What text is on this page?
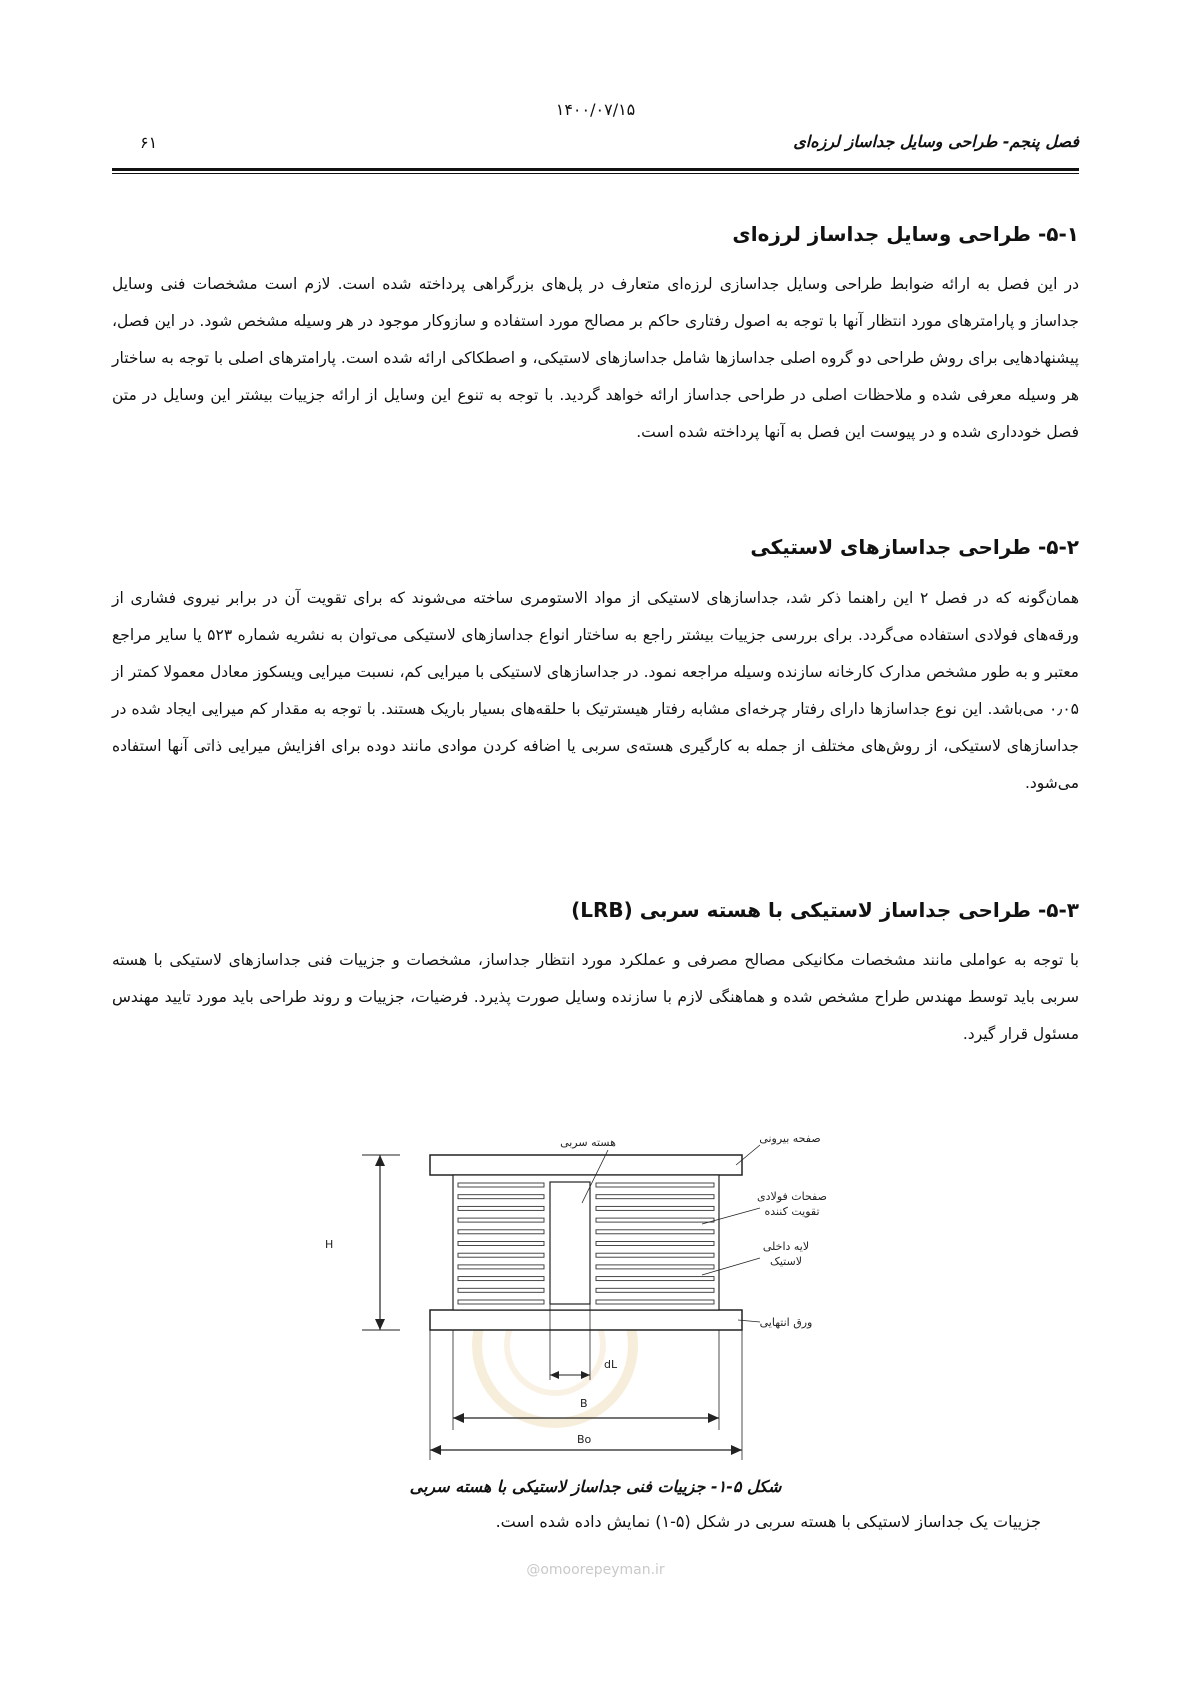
۱۴۰۰/۰۷/۱۵
فصل پنجم- طراحی وسایل جداساز لرزه‌ای
۶۱
۵-۱- طراحی وسایل جداساز لرزه‌ای
در این فصل به ارائه ضوابط طراحی وسایل جداسازی لرزه‌ای متعارف در پل‌های بزرگراهی پرداخته شده است. لازم است مشخصات فنی وسایل جداساز و پارامترهای مورد انتظار آنها با توجه به اصول رفتاری حاکم بر مصالح مورد استفاده و سازوکار موجود در هر وسیله مشخص شود. در این فصل، پیشنهادهایی برای روش طراحی دو گروه اصلی جداسازها شامل جداسازهای لاستیکی، و اصطکاکی ارائه شده است. پارامترهای اصلی با توجه به ساختار هر وسیله معرفی شده و ملاحظات اصلی در طراحی جداساز ارائه خواهد گردید. با توجه به تنوع این وسایل از ارائه جزییات بیشتر این وسایل در متن فصل خودداری شده و در پیوست این فصل به آنها پرداخته شده است.
۵-۲- طراحی جداسازهای لاستیکی
همان‌گونه که در فصل ۲ این راهنما ذکر شد، جداسازهای لاستیکی از مواد الاستومری ساخته می‌شوند که برای تقویت آن در برابر نیروی فشاری از ورقه‌های فولادی استفاده می‌گردد. برای بررسی جزییات بیشتر راجع به ساختار انواع جداسازهای لاستیکی می‌توان به نشریه شماره ۵۲۳ یا سایر مراجع معتبر و به طور مشخص مدارک کارخانه سازنده وسیله مراجعه نمود. در جداسازهای لاستیکی با میرایی کم، نسبت میرایی ویسکوز معادل معمولا کمتر از ۰٫۰۵ می‌باشد. این نوع جداسازها دارای رفتار چرخه‌ای مشابه رفتار هیسترتیک با حلقه‌های بسیار باریک هستند. با توجه به مقدار کم میرایی ایجاد شده در جداسازهای لاستیکی، از روش‌های مختلف از جمله به کارگیری هسته‌ی سربی یا اضافه کردن موادی مانند دوده برای افزایش میرایی ذاتی آنها استفاده می‌شود.
۵-۳- طراحی جداساز لاستیکی با هسته سربی (LRB)
با توجه به عواملی مانند مشخصات مکانیکی مصالح مصرفی و عملکرد مورد انتظار جداساز، مشخصات و جزییات فنی جداسازهای لاستیکی با هسته سربی باید توسط مهندس طراح مشخص شده و هماهنگی لازم با سازنده وسایل صورت پذیرد. فرضیات، جزییات و روند طراحی باید مورد تایید مهندس مسئول قرار گیرد.
H
dL
B
Bo
هسته سربی	صفحه بیرونی
صفحات فولادی
تقویت کننده
لایه داخلی
لاستیک
ورق انتهایی
شکل ۵-۱- جزییات فنی جداساز لاستیکی با هسته سربی
جزییات یک جداساز لاستیکی با هسته سربی در شکل (۵-۱) نمایش داده شده است.
@omoorepeyman.ir
